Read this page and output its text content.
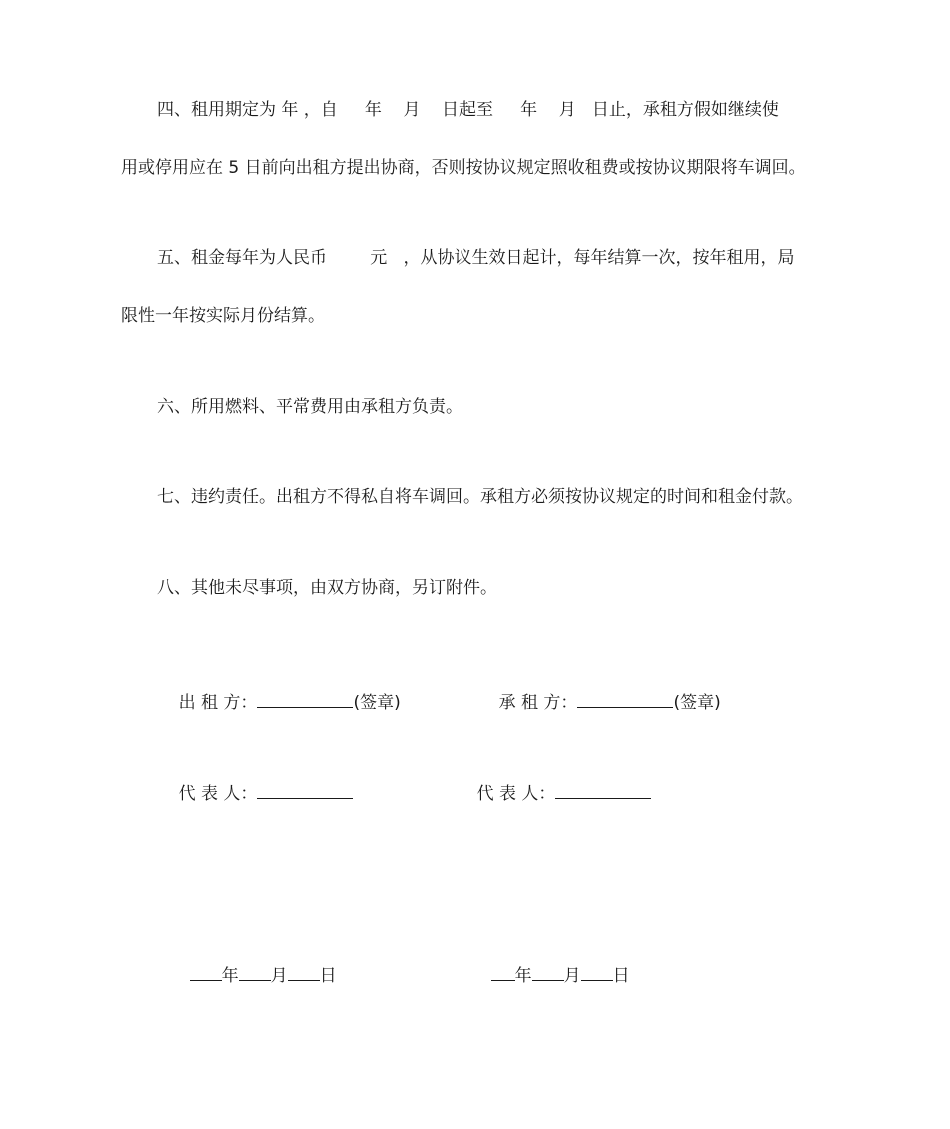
四、租用期定为 年 ，自     年    月    日起至     年    月   日止，承租方假如继续使
用或停用应在 5 日前向出租方提出协商，否则按协议规定照收租费或按协议期限将车调回。
五、租金每年为人民币        元   ，从协议生效日起计，每年结算一次，按年租用，局
限性一年按实际月份结算。
六、所用燃料、平常费用由承租方负责。
七、违约责任。出租方不得私自将车调回。承租方必须按协议规定的时间和租金付款。
八、其他未尽事项，由双方协商，另订附件。

出 租 方：	(签章)
	承 租 方：	(签章)

代 表 人：
	代 表 人：

年 月 日
	年 月 日
